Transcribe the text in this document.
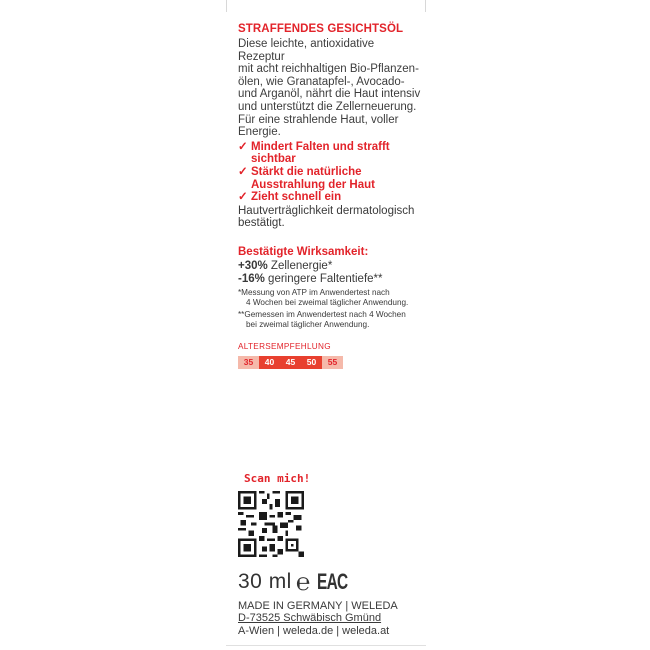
STRAFFENDES GESICHTSÖL

Diese leichte, antioxidative Rezeptur
mit acht reichhaltigen Bio-Pflanzen-
ölen, wie Granatapfel-, Avocado-
und Arganöl, nährt die Haut intensiv
und unterstützt die Zellerneuerung.
Für eine strahlende Haut, voller
Energie.

✓ Mindert Falten und strafft
sichtbar
✓ Stärkt die natürliche
Ausstrahlung der Haut
✓ Zieht schnell ein

Hautverträglichkeit dermatologisch
bestätigt.

Bestätigte Wirksamkeit:
+30% Zellenergie*
-16% geringere Faltentiefe**

*Messung von ATP im Anwendertest nach
4 Wochen bei zweimal täglicher Anwendung.

**Gemessen im Anwendertest nach 4 Wochen
bei zweimal täglicher Anwendung.

ALTERSEMPFEHLUNG
35	40	45	50	55
Scan mich!
30 ml ℮ EAC
MADE IN GERMANY | WELEDA
D-73525 Schwäbisch Gmünd
A-Wien | weleda.de | weleda.at
